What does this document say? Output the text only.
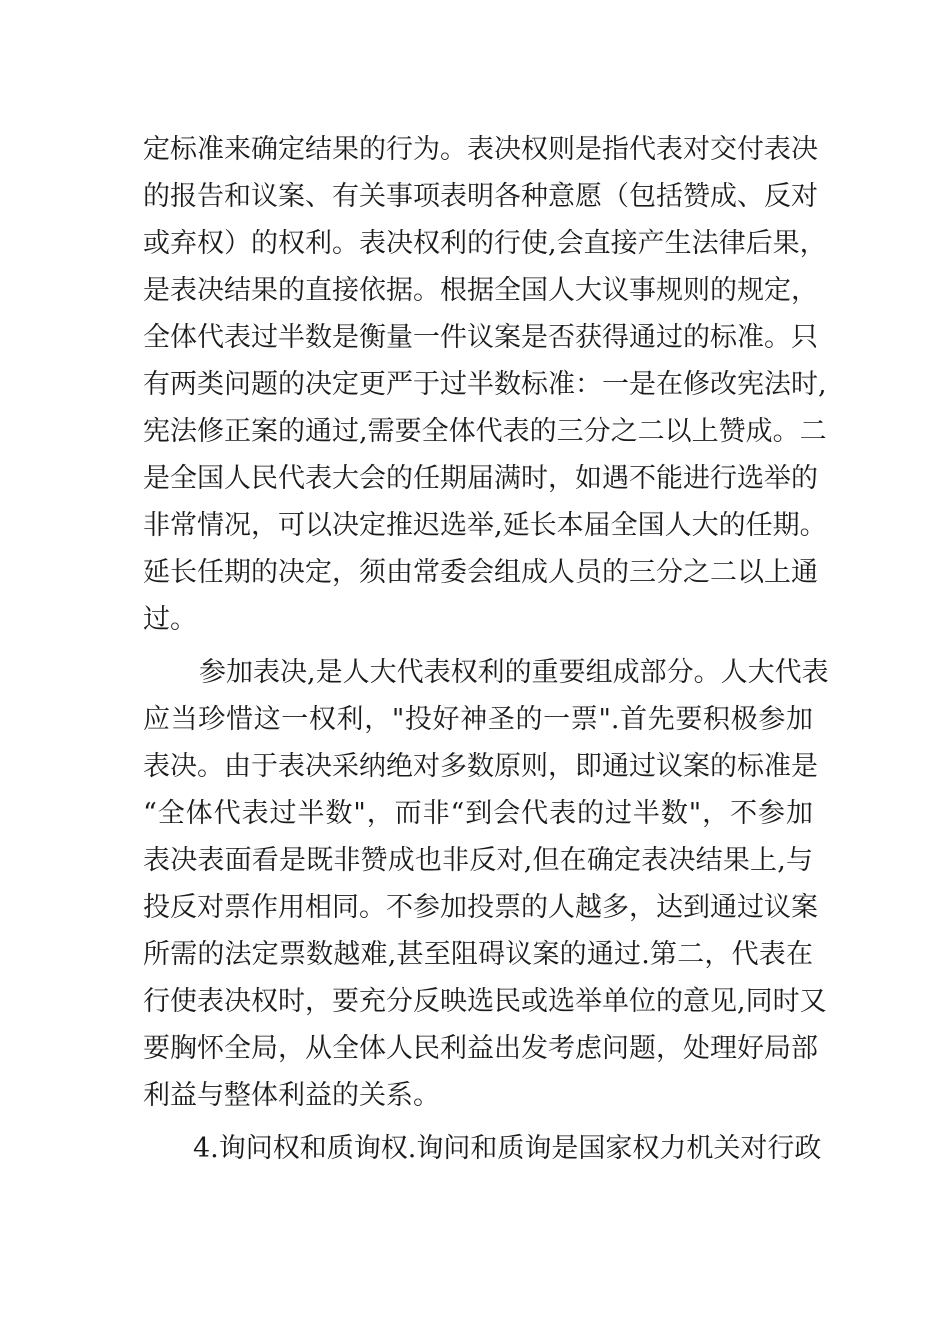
定标准来确定结果的行为。表决权则是指代表对交付表决
的报告和议案、有关事项表明各种意愿（包括赞成、反对
或弃权）的权利。表决权利的行使,会直接产生法律后果，
是表决结果的直接依据。根据全国人大议事规则的规定，
全体代表过半数是衡量一件议案是否获得通过的标准。只
有两类问题的决定更严于过半数标准：一是在修改宪法时,
宪法修正案的通过,需要全体代表的三分之二以上赞成。二
是全国人民代表大会的任期届满时，如遇不能进行选举的
非常情况，可以决定推迟选举,延长本届全国人大的任期。
延长任期的决定，须由常委会组成人员的三分之二以上通
过。
参加表决,是人大代表权利的重要组成部分。人大代表
应当珍惜这一权利，"投好神圣的一票".首先要积极参加
表决。由于表决采纳绝对多数原则，即通过议案的标准是
“全体代表过半数"，而非“到会代表的过半数"，不参加
表决表面看是既非赞成也非反对,但在确定表决结果上,与
投反对票作用相同。不参加投票的人越多，达到通过议案
所需的法定票数越难,甚至阻碍议案的通过.第二，代表在
行使表决权时，要充分反映选民或选举单位的意见,同时又
要胸怀全局，从全体人民利益出发考虑问题，处理好局部
利益与整体利益的关系。
4.询问权和质询权.询问和质询是国家权力机关对行政
